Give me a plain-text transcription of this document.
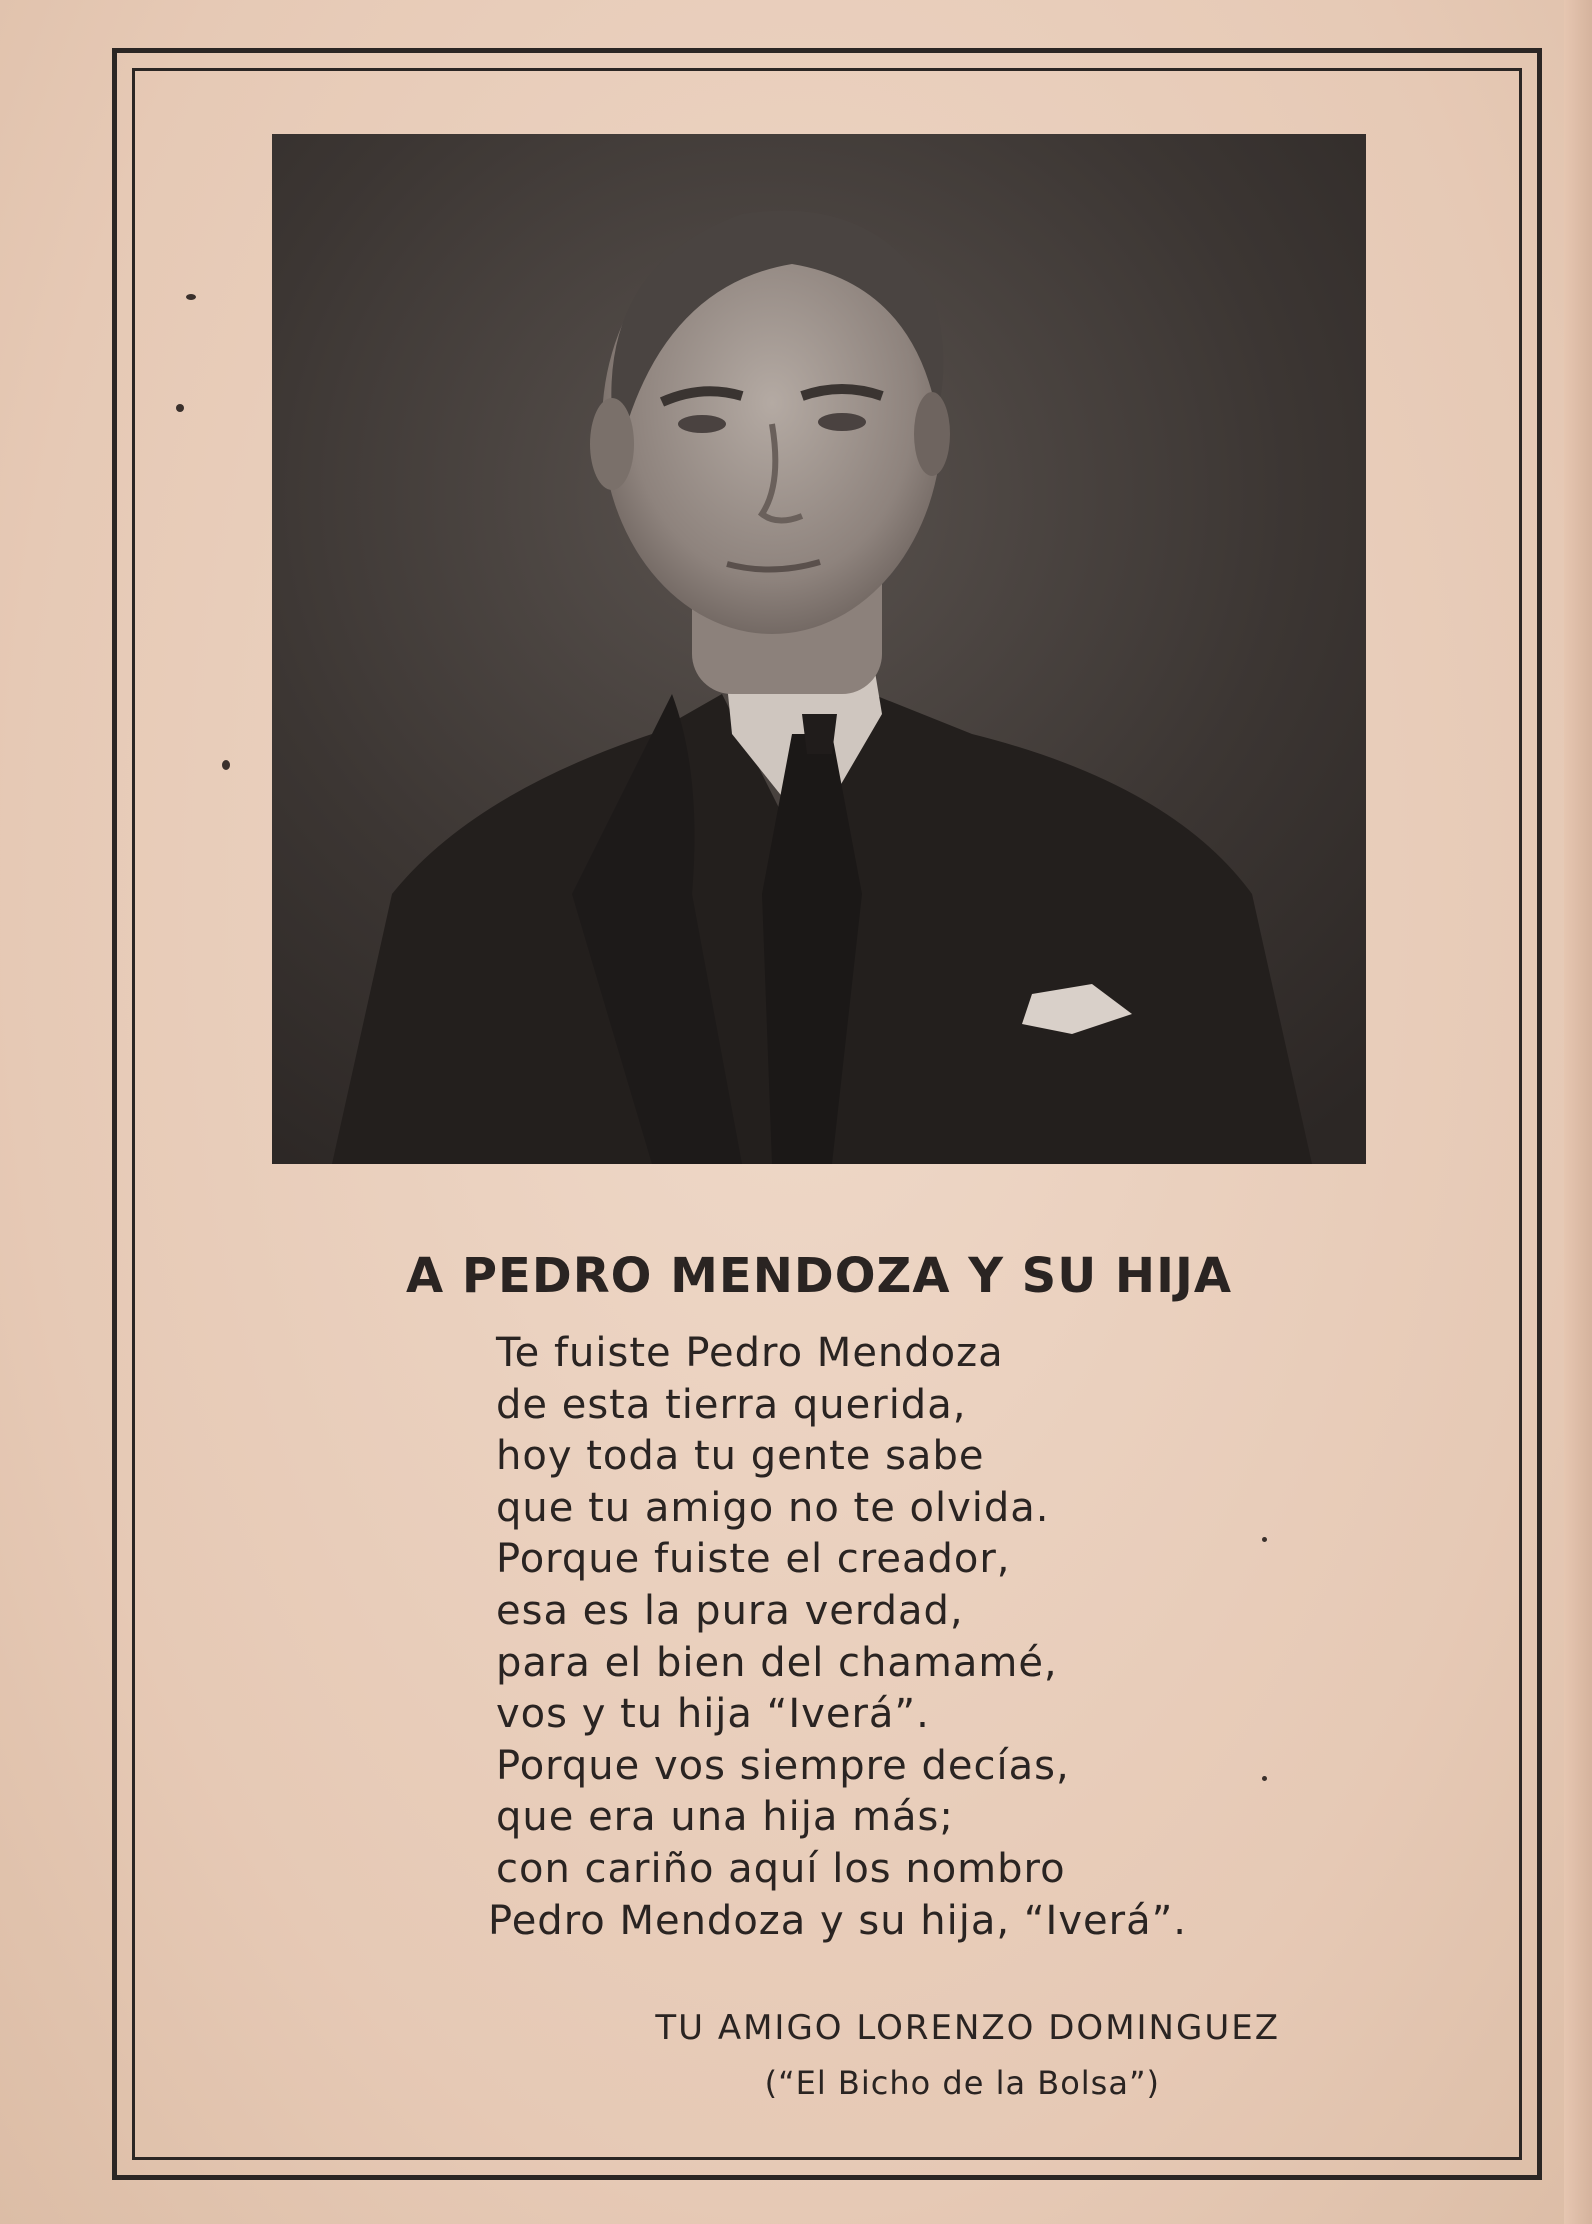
A PEDRO MENDOZA Y SU HIJA
Te fuiste Pedro Mendoza
de esta tierra querida,
hoy toda tu gente sabe
que tu amigo no te olvida.
Porque fuiste el creador,
esa es la pura verdad,
para el bien del chamamé,
vos y tu hija “Iverá”.
Porque vos siempre decías,
que era una hija más;
con cariño aquí los nombro
Pedro Mendoza y su hija, “Iverá”.
TU AMIGO LORENZO DOMINGUEZ
(“El Bicho de la Bolsa”)
